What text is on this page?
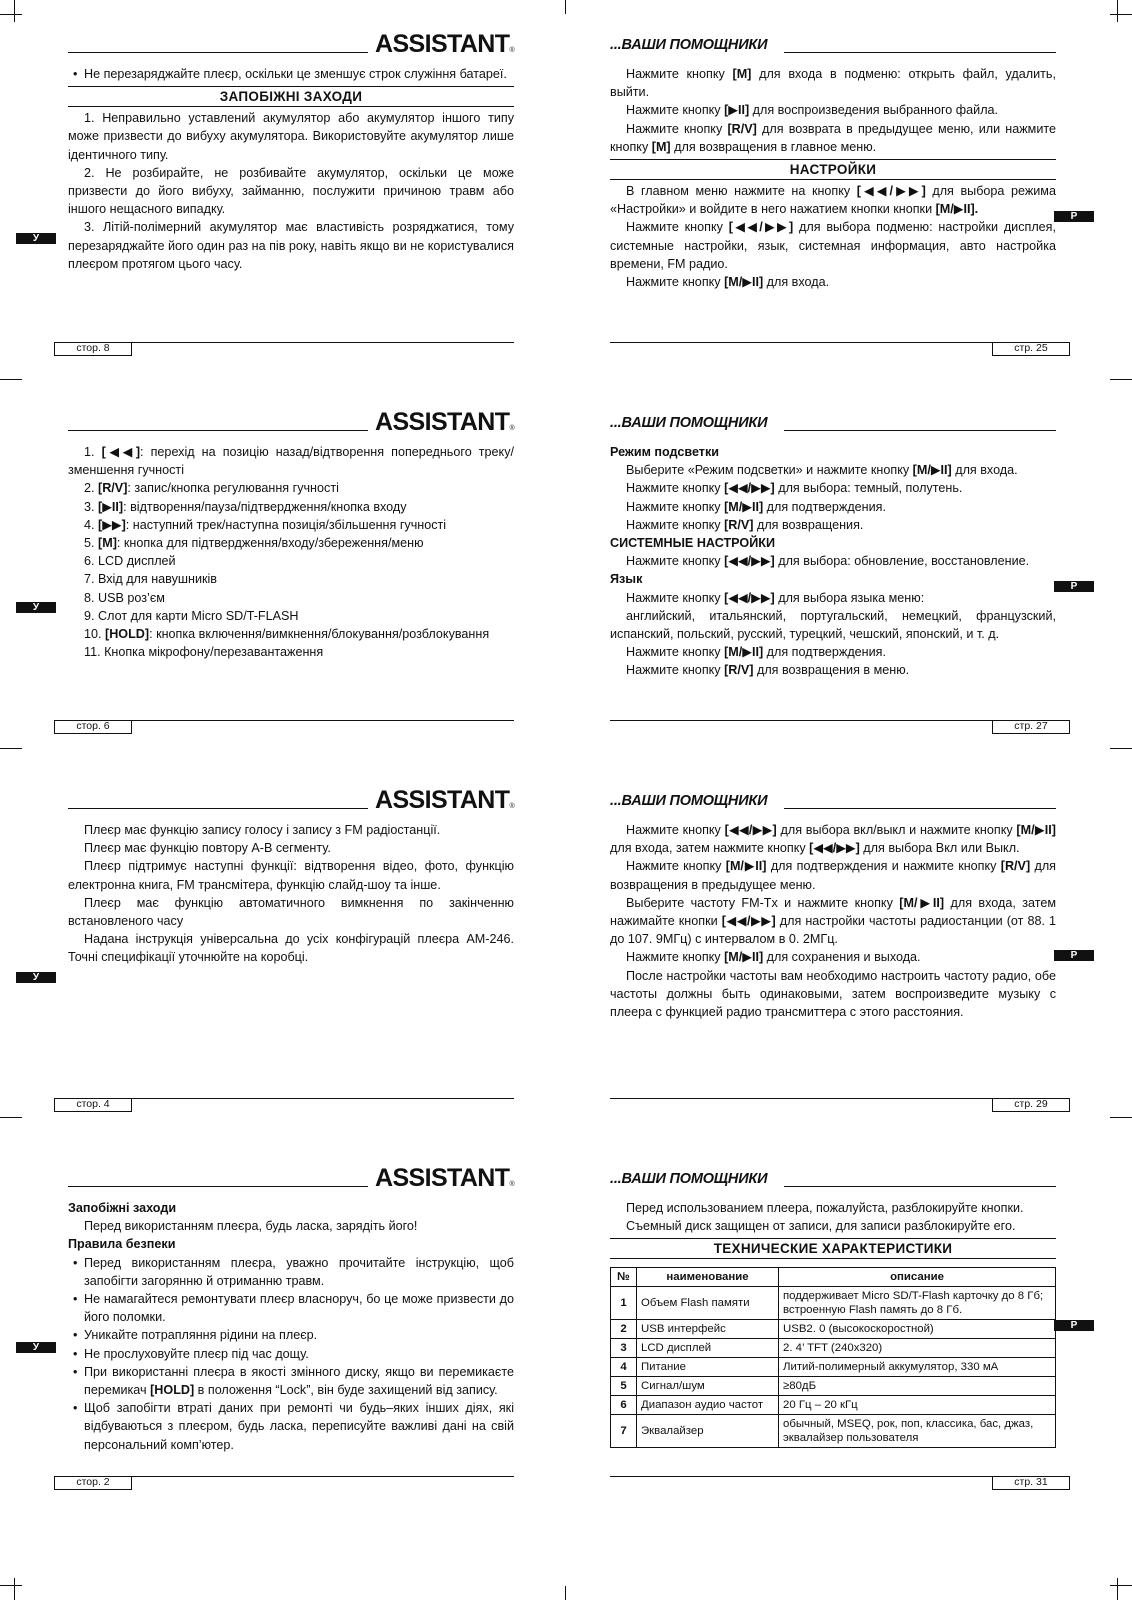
У
У
У
У
Р
Р
Р
Р
ASSISTANT®
• Не перезаряджайте плеєр, оскільки це зменшує строк служіння батареї.

ЗАПОБІЖНІ ЗАХОДИ

1. Неправильно уставлений акумулятор або акумулятор іншого типу може призвести до вибуху акумулятора. Використовуйте акумулятор лише ідентичного типу.

2. Не розбирайте, не розбивайте акумулятор, оскільки це може призвести до його вибуху, займанню, послужити причиною травм або іншого нещасного випадку.

3. Літій-полімерний акумулятор має властивість розряджатися, тому перезаряджайте його один раз на пів року, навіть якщо ви не користувалися плеєром протягом цього часу.

стор. 8
...ВАШИ ПОМОЩНИКИ

Нажмите кнопку [M] для входа в подменю: открыть файл, удалить, выйти.

Нажмите кнопку [▶II] для воспроизведения выбранного файла.

Нажмите кнопку [R/V] для возврата в предыдущее меню, или нажмите кнопку [M] для возвращения в главное меню.

НАСТРОЙКИ

В главном меню нажмите на кнопку [◀◀/▶▶] для выбора режима «Настройки» и войдите в него нажатием кнопки кнопки [M/▶II].

Нажмите кнопку [◀◀/▶▶] для выбора подменю: настройки дисплея, системные настройки, язык, системная информация, авто настройка времени, FM радио.

Нажмите кнопку [M/▶II] для входа.

стр. 25
ASSISTANT®

1. [◀◀]: перехід на позицію назад/відтворення попереднього треку/зменшення гучності

2. [R/V]: запис/кнопка регулювання гучності

3. [▶II]: відтворення/пауза/підтвердження/кнопка входу

4. [▶▶]: наступний трек/наступна позиція/збільшення гучності

5. [M]: кнопка для підтвердження/входу/збереження/меню

6. LCD дисплей

7. Вхід для навушників

8. USB роз’єм

9. Слот для карти Micro SD/T-FLASH

10. [HOLD]: кнопка включення/вимкнення/блокування/розблокування

11. Кнопка мікрофону/перезавантаження

стор. 6
...ВАШИ ПОМОЩНИКИ

Режим подсветки

Выберите «Режим подсветки» и нажмите кнопку [M/▶II] для входа.

Нажмите кнопку [◀◀/▶▶] для выбора: темный, полутень.

Нажмите кнопку [M/▶II] для подтверждения.

Нажмите кнопку [R/V] для возвращения.

СИСТЕМНЫЕ НАСТРОЙКИ

Нажмите кнопку [◀◀/▶▶] для выбора: обновление, восстановление.

Язык

Нажмите кнопку [◀◀/▶▶] для выбора языка меню:

английский, итальянский, португальский, немецкий, французский, испанский, польский, русский, турецкий, чешский, японский, и т. д.

Нажмите кнопку [M/▶II] для подтверждения.

Нажмите кнопку [R/V] для возвращения в меню.

стр. 27
ASSISTANT®

Плеєр має функцію запису голосу і запису з FM радіостанції.

Плеєр має функцію повтору A-B сегменту.

Плеєр підтримує наступні функції: відтворення відео, фото, функцію електронна книга, FM трансмітера, функцію слайд-шоу та інше.

Плеєр має функцію автоматичного вимкнення по закінченню встановленого часу

Надана інструкція універсальна до усіх конфігурацій плеєра AM-246. Точні специфікації уточнюйте на коробці.

стор. 4
...ВАШИ ПОМОЩНИКИ

Нажмите кнопку [◀◀/▶▶] для выбора вкл/выкл и нажмите кнопку [M/▶II] для входа, затем нажмите кнопку [◀◀/▶▶] для выбора Вкл или Выкл.

Нажмите кнопку [M/▶II] для подтверждения и нажмите кнопку [R/V] для возвращения в предыдущее меню.

Выберите частоту FM-Tx и нажмите кнопку [M/▶II] для входа, затем нажимайте кнопки [◀◀/▶▶] для настройки частоты радиостанции (от 88. 1 до 107. 9МГц) с интервалом в 0. 2МГц.

Нажмите кнопку [M/▶II] для сохранения и выхода.

После настройки частоты вам необходимо настроить частоту радио, обе частоты должны быть одинаковыми, затем воспроизведите музыку с плеера с функцией радио трансмиттера с этого расстояния.

стр. 29
ASSISTANT®

Запобіжні заходи

Перед використанням плеєра, будь ласка, зарядіть його!

Правила безпеки

• Перед використанням плеєра, уважно прочитайте інструкцію, щоб запобігти загорянню й отриманню травм.
• Не намагайтеся ремонтувати плеєр власноруч, бо це може призвести до його поломки.
• Уникайте потрапляння рідини на плеєр.
• Не прослуховуйте плеєр під час дощу.
• При використанні плеєра в якості змінного диску, якщо ви перемикаєте перемикач [HOLD] в положення “Lock”, він буде захищений від запису.
• Щоб запобігти втраті даних при ремонті чи будь–яких інших діях, які відбуваються з плеєром, будь ласка, переписуйте важливі дані на свій персональний комп’ютер.
стор. 2
...ВАШИ ПОМОЩНИКИ

Перед использованием плеера, пожалуйста, разблокируйте кнопки.

Съемный диск защищен от записи, для записи разблокируйте его.

ТЕХНИЧЕСКИЕ ХАРАКТЕРИСТИКИ

№	наименование	описание
1	Объем Flash памяти	поддерживает Micro SD/T-Flash карточку до 8 Гб; встроенную Flash память до 8 Гб.
2	USB интерфейс	USB2. 0 (высокоскоростной)
3	LCD дисплей	2. 4’ TFT (240x320)
4	Питание	Литий-полимерный аккумулятор, 330 мА
5	Сигнал/шум	≥80дБ
6	Диапазон аудио частот	20 Гц – 20 кГц
7	Эквалайзер	обычный, MSEQ, рок, поп, классика, бас, джаз, эквалайзер пользователя
стр. 31
